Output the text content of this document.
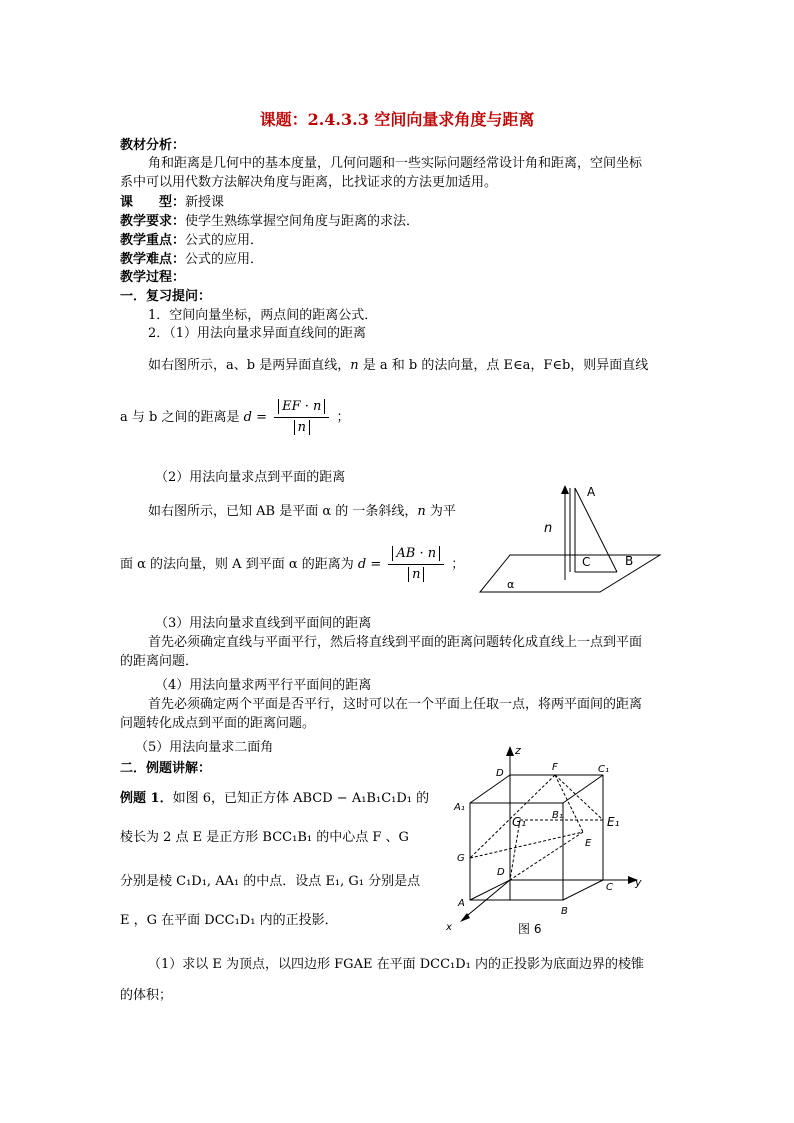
课题：2.4.3.3 空间向量求角度与距离
教材分析：
角和距离是几何中的基本度量，几何问题和一些实际问题经常设计角和距离，空间坐标
系中可以用代数方法解决角度与距离，比找证求的方法更加适用。
课　　型：新授课
教学要求：使学生熟练掌握空间角度与距离的求法．
教学重点：公式的应用．
教学难点：公式的应用．
教学过程：
一．复习提问：
1．空间向量坐标，两点间的距离公式．
2．（1）用法向量求异面直线间的距离
如右图所示，a、b 是两异面直线，n 是 a 和 b 的法向量，点 E∈a，F∈b，则异面直线
a 与 b 之间的距离是 $d = \frac{EF \cdot n}{n}$ ；
（2）用法向量求点到平面的距离
如右图所示，已知 AB 是平面 α 的 一条斜线，n 为平
面 α 的法向量，则 A 到平面 α 的距离为 $d = \frac{AB \cdot n}{n}$ ；
A
B
C
n
α
（3）用法向量求直线到平面间的距离
首先必须确定直线与平面平行，然后将直线到平面的距离问题转化成直线上一点到平面
的距离问题．
（4）用法向量求两平行平面间的距离
首先必须确定两个平面是否平行，这时可以在一个平面上任取一点，将两平面间的距离
问题转化成点到平面的距离问题。
（5）用法向量求二面角
二．例题讲解：
例题 1．如图 6，已知正方体 ABCD − A₁B₁C₁D₁ 的
棱长为 2 点 E 是正方形 BCC₁B₁ 的中心点 F 、G
分别是棱 C₁D₁, AA₁ 的中点．设点 E₁, G₁ 分别是点
E ，G 在平面 DCC₁D₁ 内的正投影．
（1）求以 E 为顶点，以四边形 FGAE 在平面 DCC₁D₁ 内的正投影为底面边界的棱锥
的体积；
z
y
x
D
F	C₁
A₁
B₁
G₁	E₁
E
G
D
C
A
B
图 6
